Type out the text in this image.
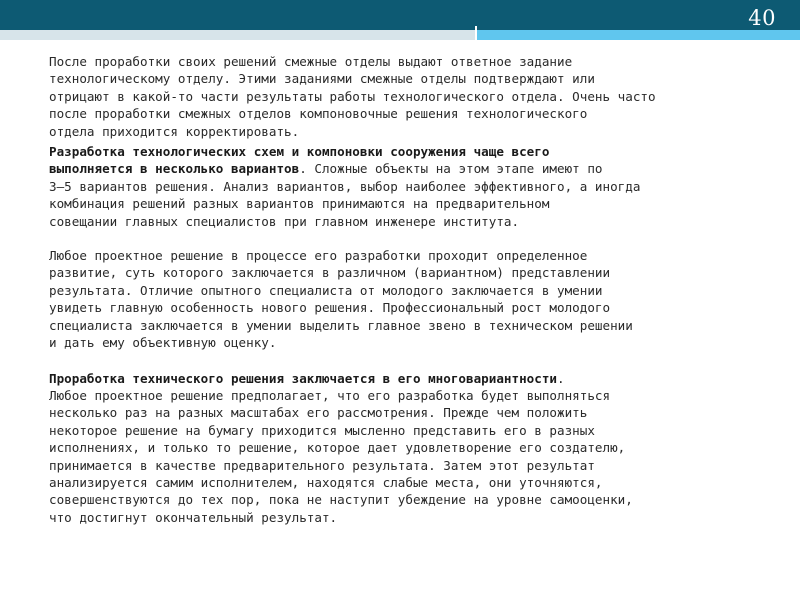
40

После проработки своих решений смежные отделы выдают ответное задание
технологическому отделу. Этими заданиями смежные отделы подтверждают или
отрицают в какой-то части результаты работы технологического отдела. Очень часто
после проработки смежных отделов компоновочные решения технологического
отдела приходится корректировать.

Разработка технологических схем и компоновки сооружения чаще всего
выполняется в несколько вариантов. Сложные объекты на этом этапе имеют по
3–5 вариантов решения. Анализ вариантов, выбор наиболее эффективного, а иногда
комбинация решений разных вариантов принимаются на предварительном
совещании главных специалистов при главном инженере института.

Любое проектное решение в процессе его разработки проходит определенное
развитие, суть которого заключается в различном (вариантном) представлении
результата. Отличие опытного специалиста от молодого заключается в умении
увидеть главную особенность нового решения. Профессиональный рост молодого
специалиста заключается в умении выделить главное звено в техническом решении
и дать ему объективную оценку.

Проработка технического решения заключается в его многовариантности.
Любое проектное решение предполагает, что его разработка будет выполняться
несколько раз на разных масштабах его рассмотрения. Прежде чем положить
некоторое решение на бумагу приходится мысленно представить его в разных
исполнениях, и только то решение, которое дает удовлетворение его создателю,
принимается в качестве предварительного результата. Затем этот результат
анализируется самим исполнителем, находятся слабые места, они уточняются,
совершенствуются до тех пор, пока не наступит убеждение на уровне самооценки,
что достигнут окончательный результат.
